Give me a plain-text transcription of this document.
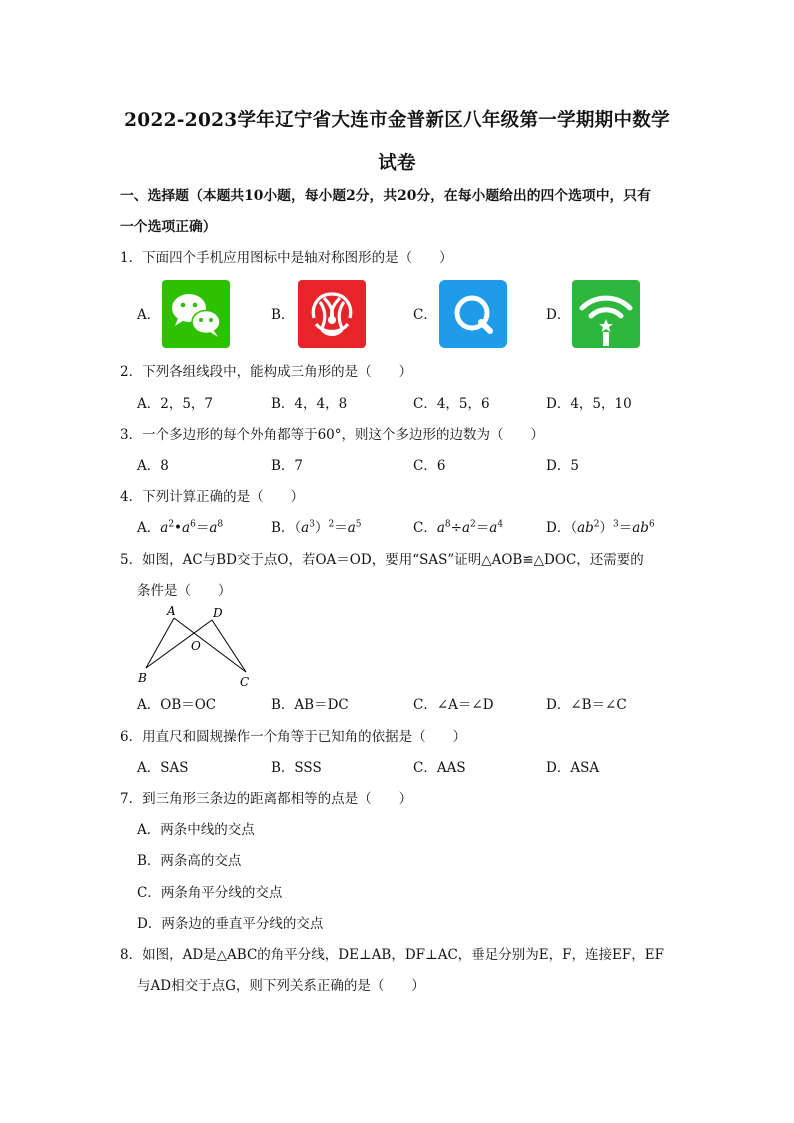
2022-2023学年辽宁省大连市金普新区八年级第一学期期中数学
试卷
一、选择题（本题共10小题，每小题2分，共20分，在每小题给出的四个选项中，只有
一个选项正确）
1．下面四个手机应用图标中是轴对称图形的是（　　）
A．	B．	C．	D．
2．下列各组线段中，能构成三角形的是（　　）
A．2，5，7	B．4，4，8	C．4，5，6	D．4，5，10
3．一个多边形的每个外角都等于60°，则这个多边形的边数为（　　）
A．8	B．7	C．6	D．5
4．下列计算正确的是（　　）
A．$a^2•a^6=a^8$	B．$(a^3)^2=a^5$	C．$a^8\div a^2=a^4$	D．$(ab^2)^3=ab^6$
5．如图，AC与BD交于点O，若OA＝OD，要用“SAS”证明△AOB≌△DOC，还需要的
条件是（　　）
A	D
O
B	C
A．OB＝OC	B．AB＝DC	C．∠A＝∠D	D．∠B＝∠C
6．用直尺和圆规操作一个角等于已知角的依据是（　　）
A．SAS	B．SSS	C．AAS	D．ASA
7．到三角形三条边的距离都相等的点是（　　）
A．两条中线的交点
B．两条高的交点
C．两条角平分线的交点
D．两条边的垂直平分线的交点
8．如图，AD是△ABC的角平分线，DE⊥AB，DF⊥AC，垂足分别为E，F，连接EF，EF
与AD相交于点G，则下列关系正确的是（　　）
